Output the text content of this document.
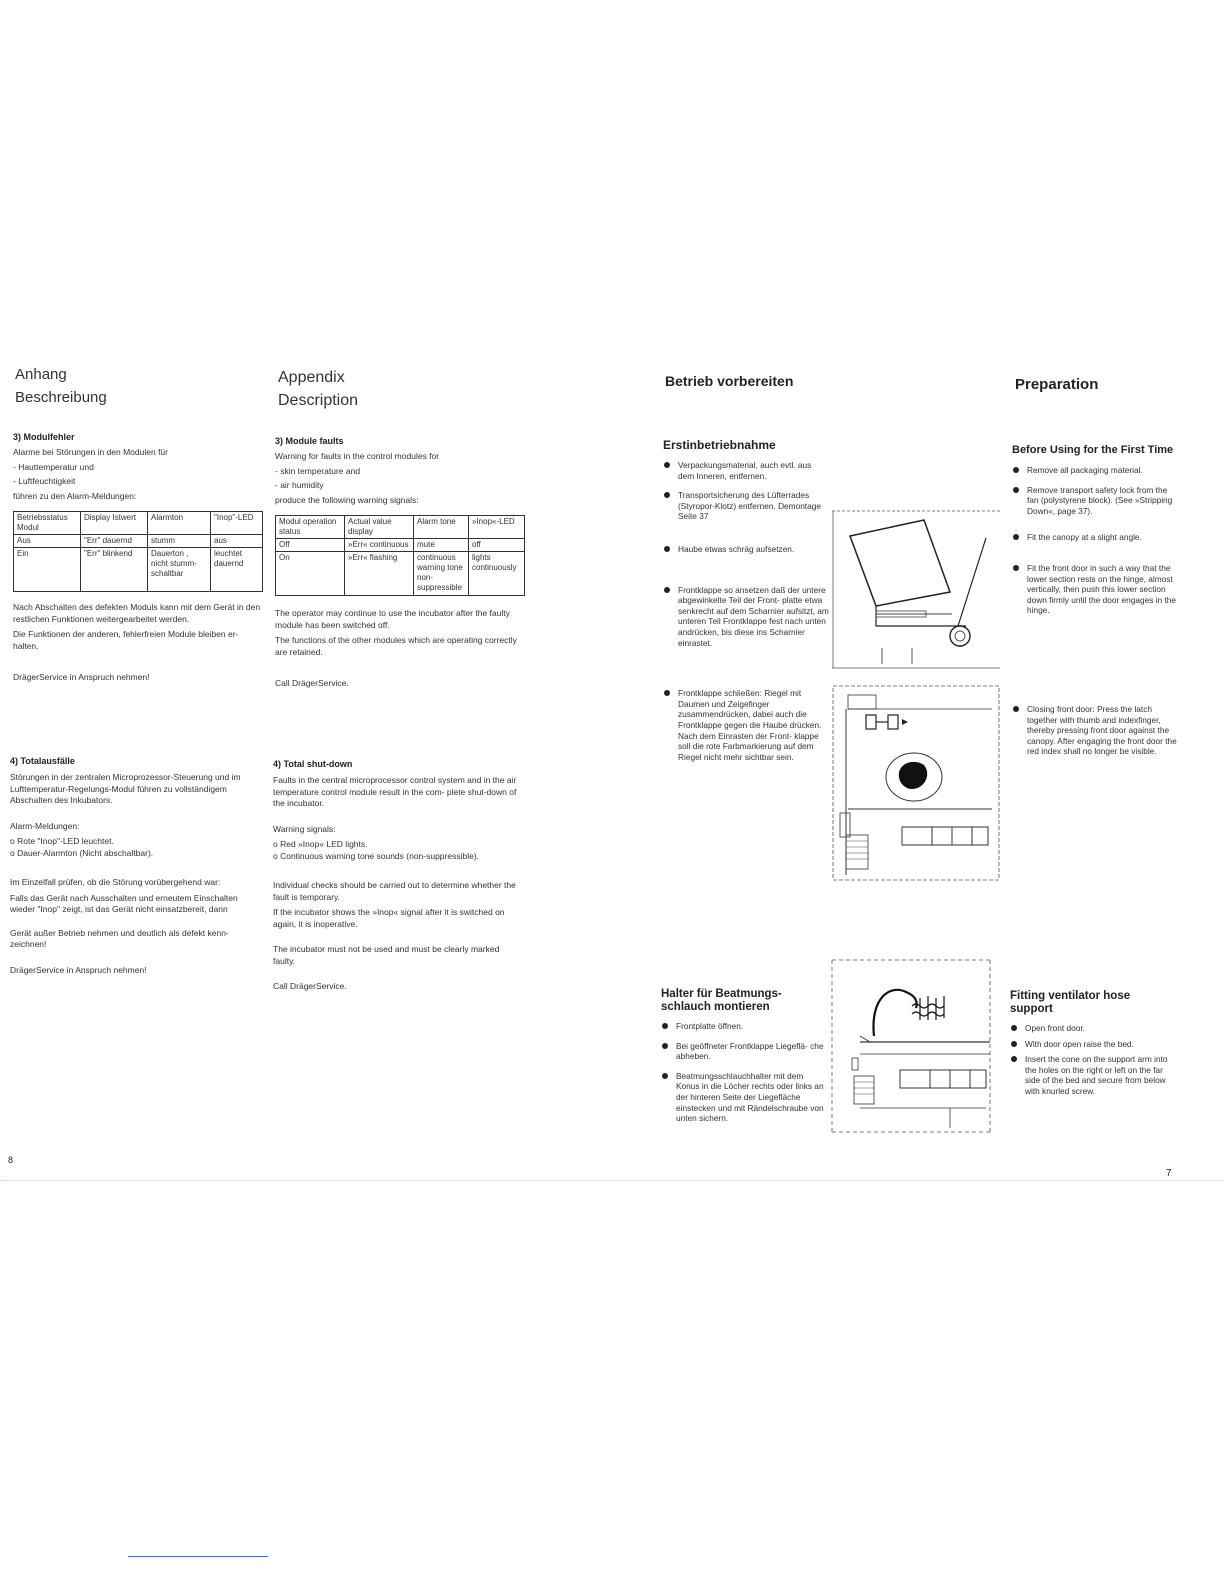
Anhang
Beschreibung
Appendix
Description
3) Modulfehler

Alarme bei Störungen in den Modulen für

- Hauttemperatur und

- Luftfeuchtigkeit

führen zu den Alarm-Meldungen:

Betriebsstatus Modul	Display Istwert	Alarmton	"Inop"-LED
Aus	"Err" dauernd	stumm	aus
Ein	"Err" blinkend	Dauerton , nicht stumm- schaltbar	leuchtet dauernd

Nach Abschalten des defekten Moduls kann mit dem Gerät in den restlichen Funktionen weitergearbeitet werden.

Die Funktionen der anderen, fehlerfreien Module bleiben er- halten.

DrägerService in Anspruch nehmen!

3) Module faults

Warning for faults in the control modules for

- skin temperature and

- air humidity

produce the following warning signals:

Modul operation status	Actual value display	Alarm tone	»Inop«-LED
Off	»Err« continuous	mute	off
On	»Err« flashing	continuous warning tone non- suppressible	lights continuously

The operator may continue to use the incubator after the faulty module has been switched off.

The functions of the other modules which are operating correctly are retained.

Call DrägerService.

4) Totalausfälle

Störungen in der zentralen Microprozessor-Steuerung und im Lufttemperatur-Regelungs-Modul führen zu vollständigem Abschalten des Inkubators.

Alarm-Meldungen:

o Rote "Inop"-LED leuchtet.

o Dauer-Alarmton (Nicht abschaltbar).

Im Einzelfall prüfen, ob die Störung vorübergehend war:

Falls das Gerät nach Ausschalten und erneutem Einschalten wieder "Inop" zeigt, ist das Gerät nicht einsatzbereit, dann

Gerät außer Betrieb nehmen und deutlich als defekt kenn- zeichnen!

DrägerService in Anspruch nehmen!

4) Total shut-down

Faults in the central microprocessor control system and in the air temperature control module result in the com- plete shut-down of the incubator.

Warning signals:

o Red »Inop« LED lights.

o Continuous warning tone sounds (non-suppressible).

Individual checks should be carried out to determine whether the fault is temporary.

If the incubator shows the »Inop« signal after it is switched on again, it is inoperative.

The incubator must not be used and must be clearly marked faulty.

Call DrägerService.

8
Betrieb vorbereiten	Preparation
Erstinbetriebnahme
Verpackungsmaterial, auch evtl. aus dem Inneren, entfernen.
Transportsicherung des Lüfterrades (Styropor-Klotz) entfernen. Demontage Seite 37
Haube etwas schräg aufsetzen.
Frontklappe so ansetzen daß der untere abgewinkelte Teil der Front- platte etwa senkrecht auf dem Scharnier aufsitzt, am unteren Teil Frontklappe fest nach unten andrücken, bis diese ins Scharnier einrastet.
Frontklappe schließen: Riegel mit Daumen und Zeigefinger zusammendrücken, dabei auch die Frontklappe gegen die Haube drücken. Nach dem Einrasten der Front- klappe soll die rote Farbmarkierung auf dem Riegel nicht mehr sichtbar sein.
Before Using for the First Time
Remove all packaging material.
Remove transport safety lock from the fan (polystyrene block). (See »Stripping Down«, page 37).
Fit the canopy at a slight angle.
Fit the front door in such a way that the lower section rests on the hinge, almost vertically, then push this lower section down firmly until the door engages in the hinge.
Closing front door: Press the latch together with thumb and indexfinger, thereby pressing front door against the canopy. After engaging the front door the red index shall no longer be visible.
Halter für Beatmungs- schlauch montieren
Frontplatte öffnen.
Bei geöffneter Frontklappe Liegeflä- che abheben.
Beatmungsschlauchhalter mit dem Konus in die Löcher rechts oder links an der hinteren Seite der Liegefläche einstecken und mit Rändelschraube von unten sichern.
Fitting ventilator hose support
Open front door.
With door open raise the bed.
Insert the cone on the support arm into the holes on the right or left on the far side of the bed and secure from below with knurled screw.
7
